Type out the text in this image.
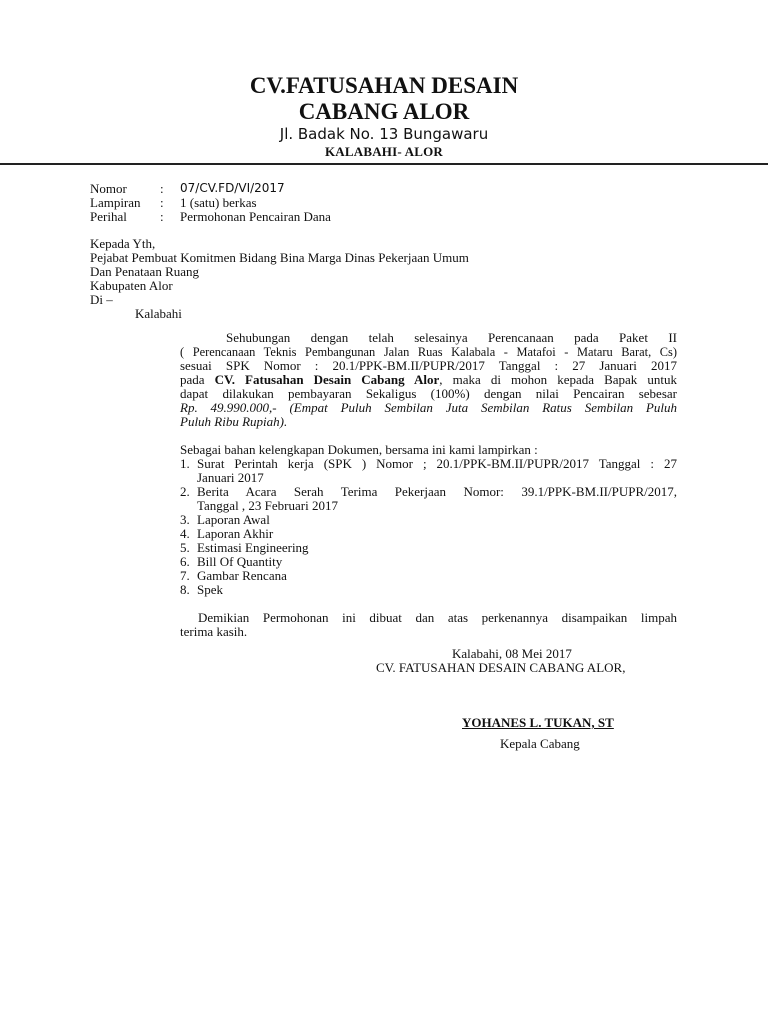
CV.FATUSAHAN DESAIN
CABANG ALOR
Jl. Badak No. 13 Bungawaru
KALABAHI- ALOR
Nomor	: 07/CV.FD/VI/2017
Lampiran : 1 (satu) berkas
Perihal	: Permohonan Pencairan Dana
Kepada Yth,
Pejabat Pembuat Komitmen Bidang Bina Marga Dinas Pekerjaan Umum
Dan Penataan Ruang
Kabupaten Alor
Di –
Kalabahi
Sehubungan dengan telah selesainya Perencanaan pada Paket II
( Perencanaan Teknis Pembangunan Jalan Ruas Kalabala - Matafoi - Mataru Barat, Cs)
sesuai SPK Nomor : 20.1/PPK-BM.II/PUPR/2017 Tanggal : 27 Januari 2017
pada CV. Fatusahan Desain Cabang Alor, maka di mohon kepada Bapak untuk
dapat dilakukan pembayaran Sekaligus (100%) dengan nilai Pencairan sebesar
Rp. 49.990.000,- (Empat Puluh Sembilan Juta Sembilan Ratus Sembilan Puluh
Puluh Ribu Rupiah).
Sebagai bahan kelengkapan Dokumen, bersama ini kami lampirkan :
1. Surat Perintah kerja (SPK ) Nomor ; 20.1/PPK-BM.II/PUPR/2017 Tanggal : 27
Januari 2017
2. Berita Acara Serah Terima Pekerjaan Nomor: 39.1/PPK-BM.II/PUPR/2017,
Tanggal , 23 Februari 2017
3. Laporan Awal
4. Laporan Akhir
5. Estimasi Engineering
6. Bill Of Quantity
7. Gambar Rencana
8. Spek
Demikian Permohonan ini dibuat dan atas perkenannya disampaikan limpah
terima kasih.
Kalabahi, 08 Mei 2017
CV. FATUSAHAN DESAIN CABANG ALOR,
YOHANES L. TUKAN, ST
Kepala Cabang
